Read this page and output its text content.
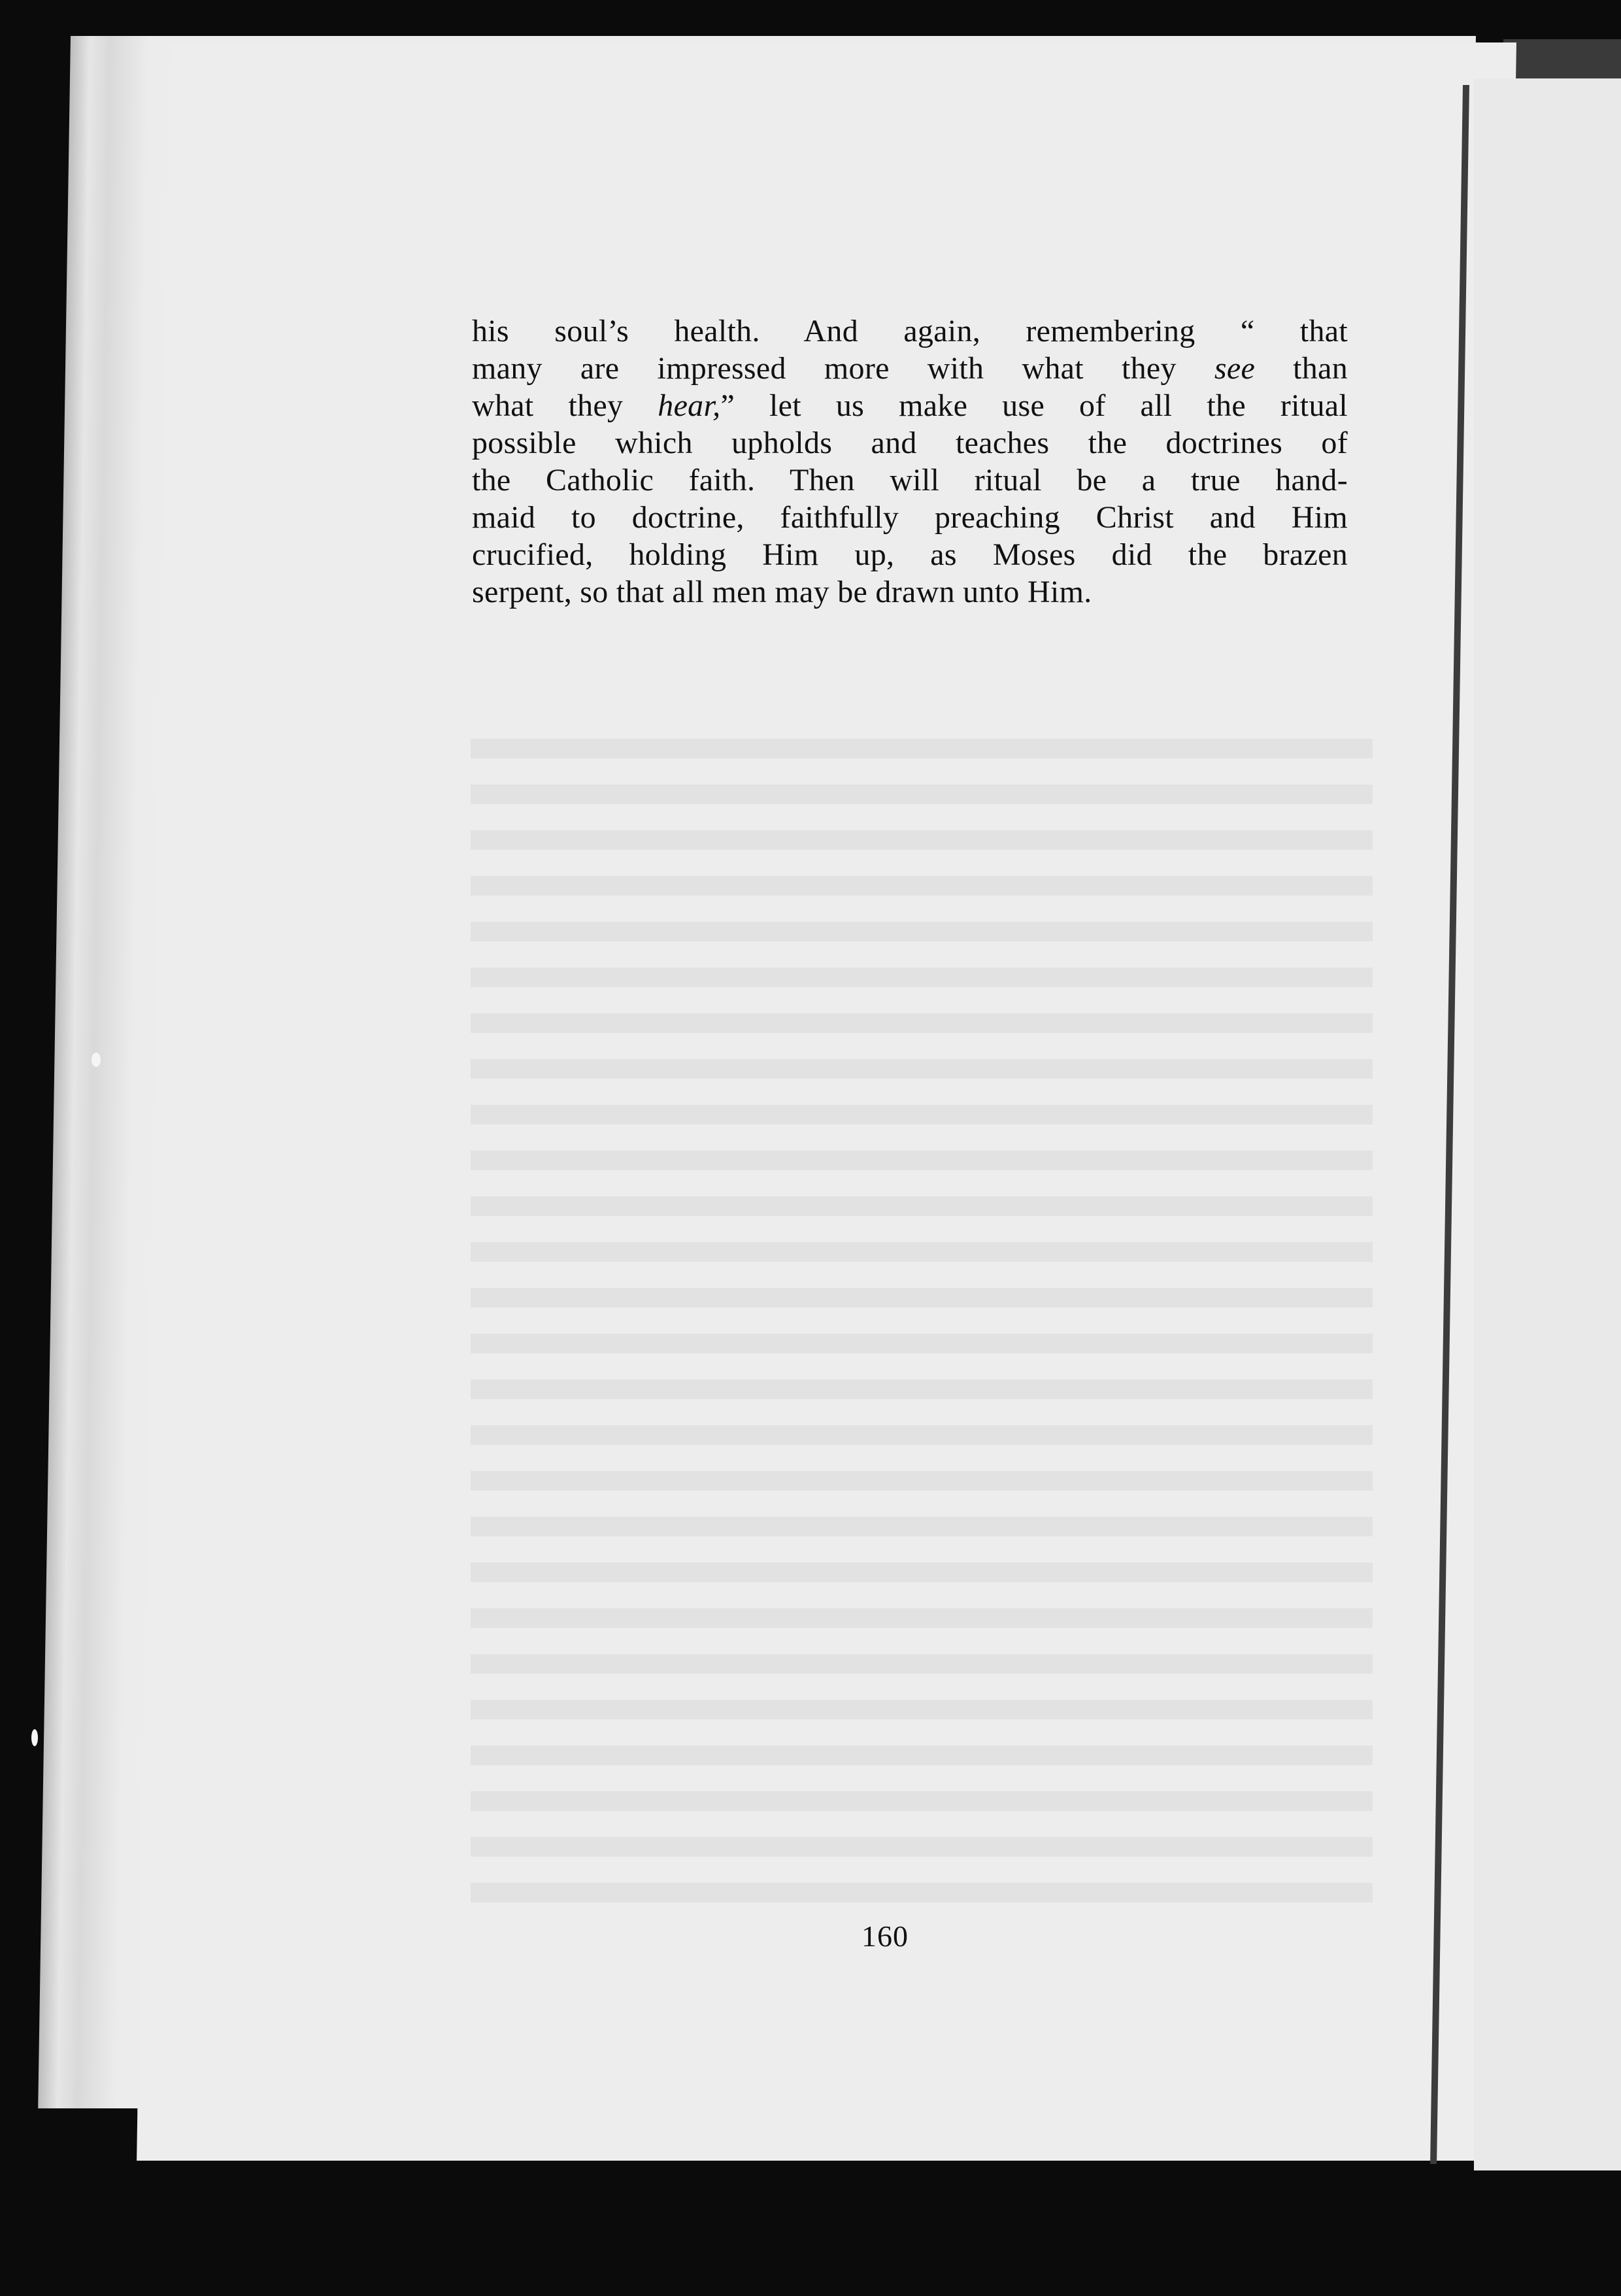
his soul’s health. And again, remembering “ that
many are impressed more with what they see than
what they hear,” let us make use of all the ritual
possible which upholds and teaches the doctrines of
the Catholic faith. Then will ritual be a true hand-
maid to doctrine, faithfully preaching Christ and Him
crucified, holding Him up, as Moses did the brazen
serpent, so that all men may be drawn unto Him.
160
